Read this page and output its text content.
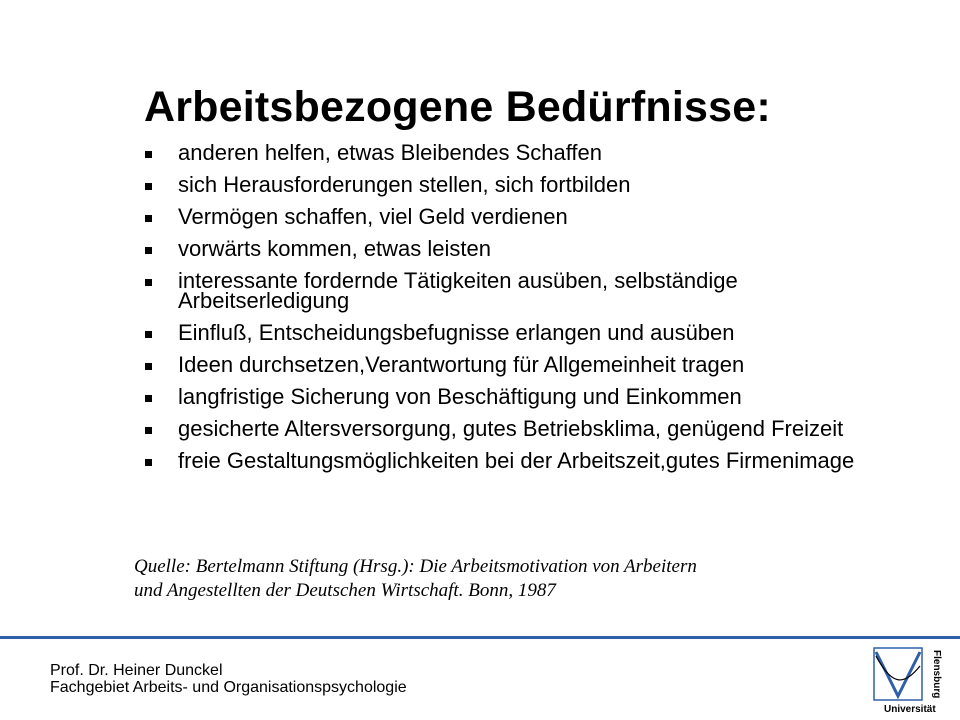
Arbeitsbezogene Bedürfnisse:
anderen helfen, etwas Bleibendes Schaffen
sich Herausforderungen stellen, sich fortbilden
Vermögen schaffen, viel Geld verdienen
vorwärts kommen, etwas leisten
interessante fordernde Tätigkeiten ausüben, selbständige Arbeitserledigung
Einfluß, Entscheidungsbefugnisse erlangen und ausüben
Ideen durchsetzen,Verantwortung für Allgemeinheit tragen
langfristige Sicherung von Beschäftigung und Einkommen
gesicherte Altersversorgung, gutes Betriebsklima, genügend Freizeit
freie Gestaltungsmöglichkeiten bei der Arbeitszeit,gutes Firmenimage
Quelle: Bertelmann Stiftung (Hrsg.): Die Arbeitsmotivation von Arbeitern
und Angestellten der Deutschen Wirtschaft. Bonn, 1987
Prof. Dr. Heiner Dunckel
Fachgebiet Arbeits- und Organisationspsychologie	Flensburg
Universität
